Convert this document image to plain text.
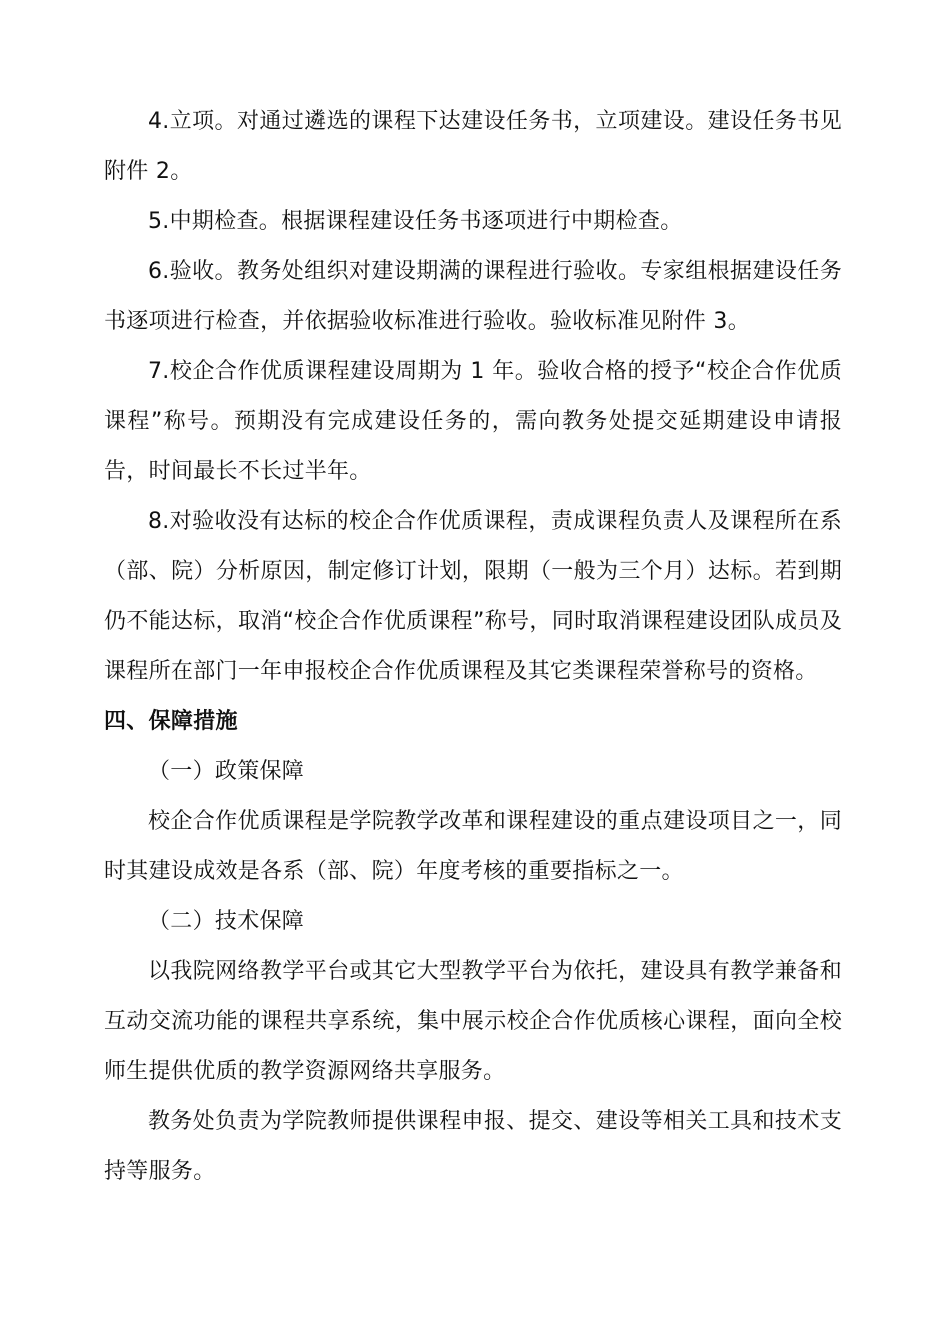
4.立项。对通过遴选的课程下达建设任务书，立项建设。建设任务书见附件 2。

5.中期检查。根据课程建设任务书逐项进行中期检查。

6.验收。教务处组织对建设期满的课程进行验收。专家组根据建设任务书逐项进行检查，并依据验收标准进行验收。验收标准见附件 3。

7.校企合作优质课程建设周期为 1 年。验收合格的授予“校企合作优质课程”称号。预期没有完成建设任务的，需向教务处提交延期建设申请报告，时间最长不长过半年。

8.对验收没有达标的校企合作优质课程，责成课程负责人及课程所在系（部、院）分析原因，制定修订计划，限期（一般为三个月）达标。若到期仍不能达标，取消“校企合作优质课程”称号，同时取消课程建设团队成员及课程所在部门一年申报校企合作优质课程及其它类课程荣誉称号的资格。

四、保障措施

（一）政策保障

校企合作优质课程是学院教学改革和课程建设的重点建设项目之一，同时其建设成效是各系（部、院）年度考核的重要指标之一。

（二）技术保障

以我院网络教学平台或其它大型教学平台为依托，建设具有教学兼备和互动交流功能的课程共享系统，集中展示校企合作优质核心课程，面向全校师生提供优质的教学资源网络共享服务。

教务处负责为学院教师提供课程申报、提交、建设等相关工具和技术支持等服务。
